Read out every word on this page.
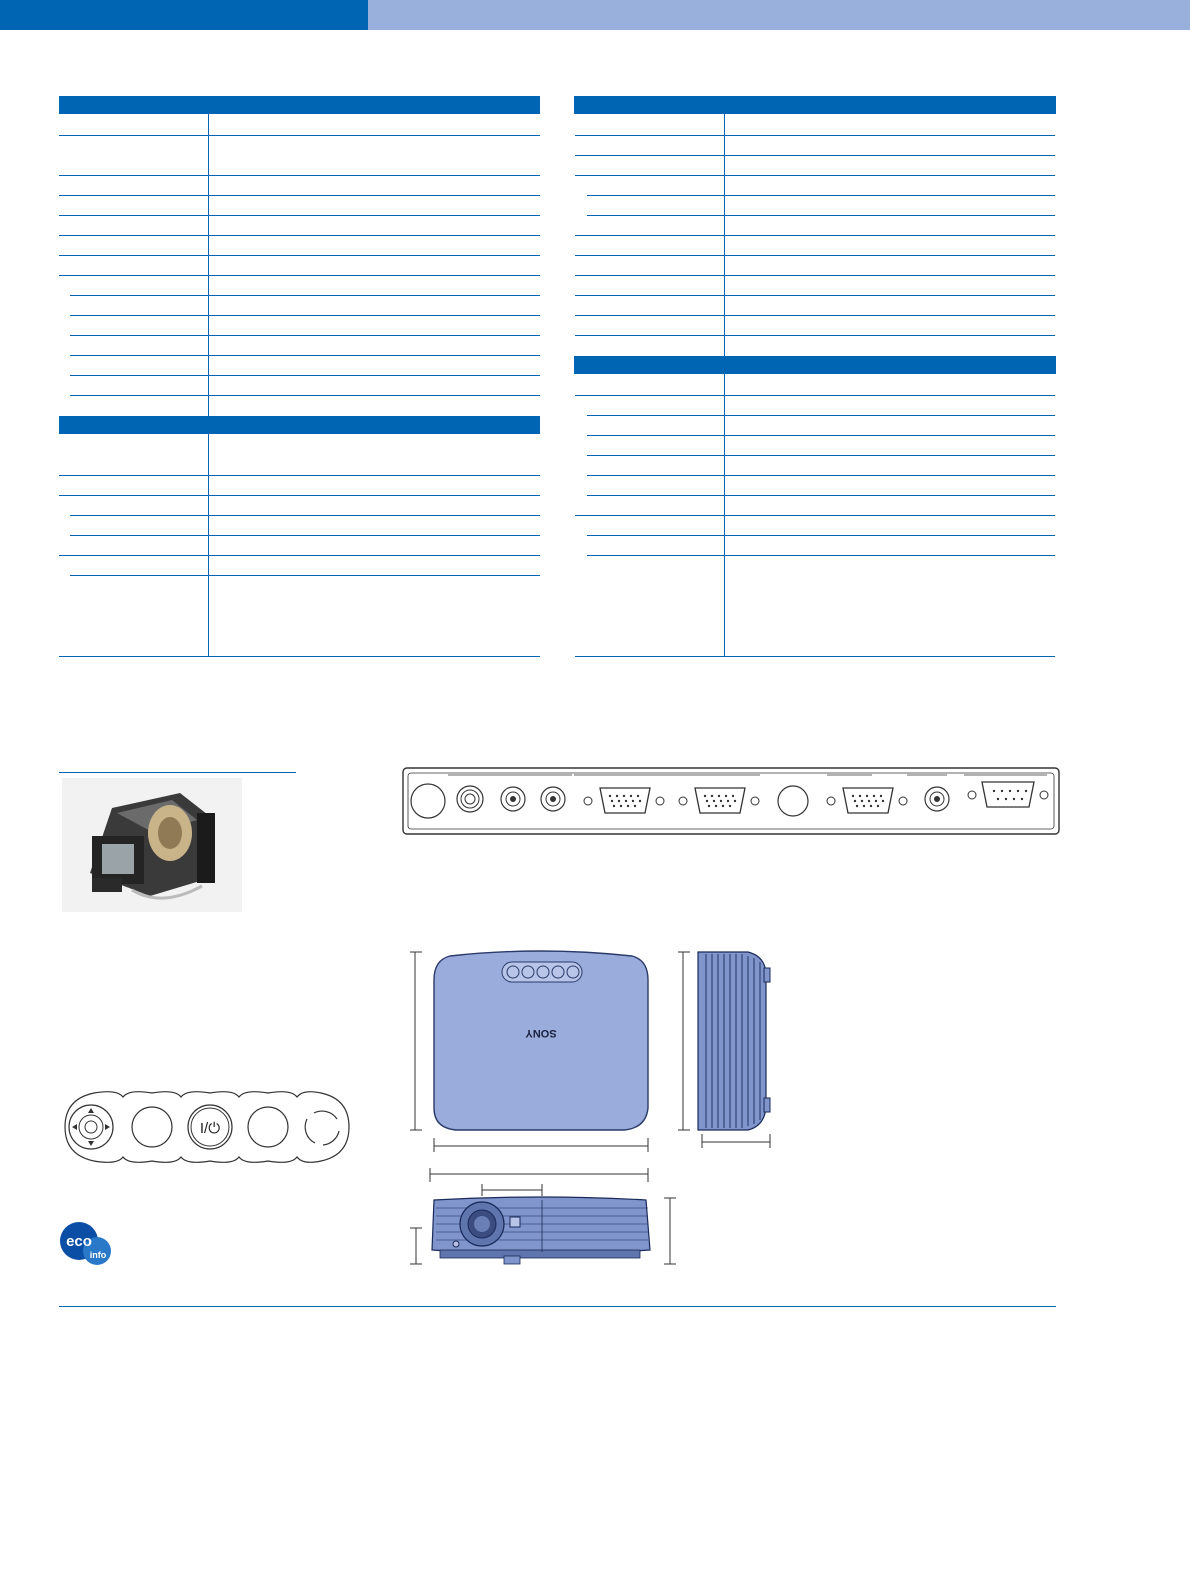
SONY
I/⏻
eco
info
